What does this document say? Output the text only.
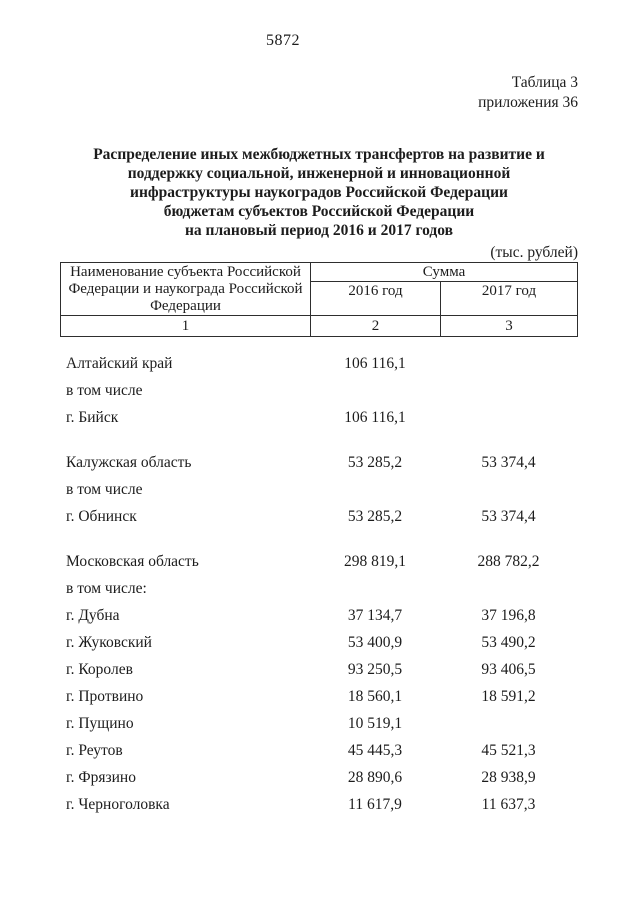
5872
Таблица 3
приложения 36
Распределение иных межбюджетных трансфертов на развитие и
поддержку социальной, инженерной и инновационной
инфраструктуры наукоградов Российской Федерации
бюджетам субъектов Российской Федерации
на плановый период 2016 и 2017 годов
(тыс. рублей)
Наименование субъекта Российской Федерации и наукограда Российской Федерации	Сумма	
	2016 год	2017 год
1	2	3
Алтайский край	106 116,1
в том числе
г. Бийск	106 116,1
Калужская область	53 285,2	53 374,4
в том числе
г. Обнинск	53 285,2	53 374,4
Московская область	298 819,1	288 782,2
в том числе:
г. Дубна	37 134,7	37 196,8
г. Жуковский	53 400,9	53 490,2
г. Королев	93 250,5	93 406,5
г. Протвино	18 560,1	18 591,2
г. Пущино	10 519,1
г. Реутов	45 445,3	45 521,3
г. Фрязино	28 890,6	28 938,9
г. Черноголовка	11 617,9	11 637,3
